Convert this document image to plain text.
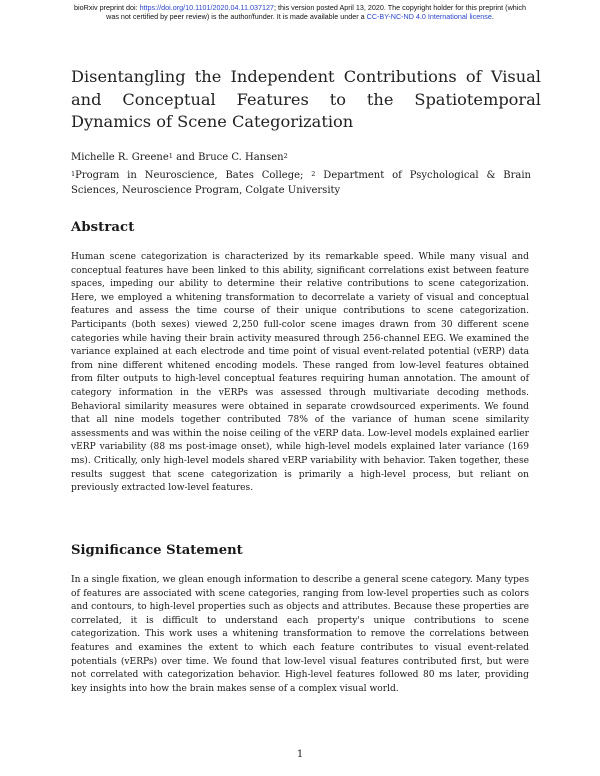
bioRxiv preprint doi: https://doi.org/10.1101/2020.04.11.037127; this version posted April 13, 2020. The copyright holder for this preprint (which
was not certified by peer review) is the author/funder. It is made available under a CC-BY-NC-ND 4.0 International license.
Disentangling the Independent Contributions of Visual and Conceptual Features to the Spatiotemporal Dynamics of Scene Categorization
Michelle R. Greene$^1$ and Bruce C. Hansen$^2$
$^1$Program in Neuroscience, Bates College; $^2$ Department of Psychological & Brain Sciences, Neuroscience Program, Colgate University
Abstract
Human scene categorization is characterized by its remarkable speed. While many visual and conceptual features have been linked to this ability, significant correlations exist between feature spaces, impeding our ability to determine their relative contributions to scene categorization. Here, we employed a whitening transformation to decorrelate a variety of visual and conceptual features and assess the time course of their unique contributions to scene categorization. Participants (both sexes) viewed 2,250 full-color scene images drawn from 30 different scene categories while having their brain activity measured through 256-channel EEG. We examined the variance explained at each electrode and time point of visual event-related potential (vERP) data from nine different whitened encoding models. These ranged from low-level features obtained from filter outputs to high-level conceptual features requiring human annotation. The amount of category information in the vERPs was assessed through multivariate decoding methods. Behavioral similarity measures were obtained in separate crowdsourced experiments. We found that all nine models together contributed 78% of the variance of human scene similarity assessments and was within the noise ceiling of the vERP data. Low-level models explained earlier vERP variability (88 ms post-image onset), while high-level models explained later variance (169 ms). Critically, only high-level models shared vERP variability with behavior. Taken together, these results suggest that scene categorization is primarily a high-level process, but reliant on previously extracted low-level features.
Significance Statement
In a single fixation, we glean enough information to describe a general scene category. Many types of features are associated with scene categories, ranging from low-level properties such as colors and contours, to high-level properties such as objects and attributes. Because these properties are correlated, it is difficult to understand each property's unique contributions to scene categorization. This work uses a whitening transformation to remove the correlations between features and examines the extent to which each feature contributes to visual event-related potentials (vERPs) over time. We found that low-level visual features contributed first, but were not correlated with categorization behavior. High-level features followed 80 ms later, providing key insights into how the brain makes sense of a complex visual world.
1
